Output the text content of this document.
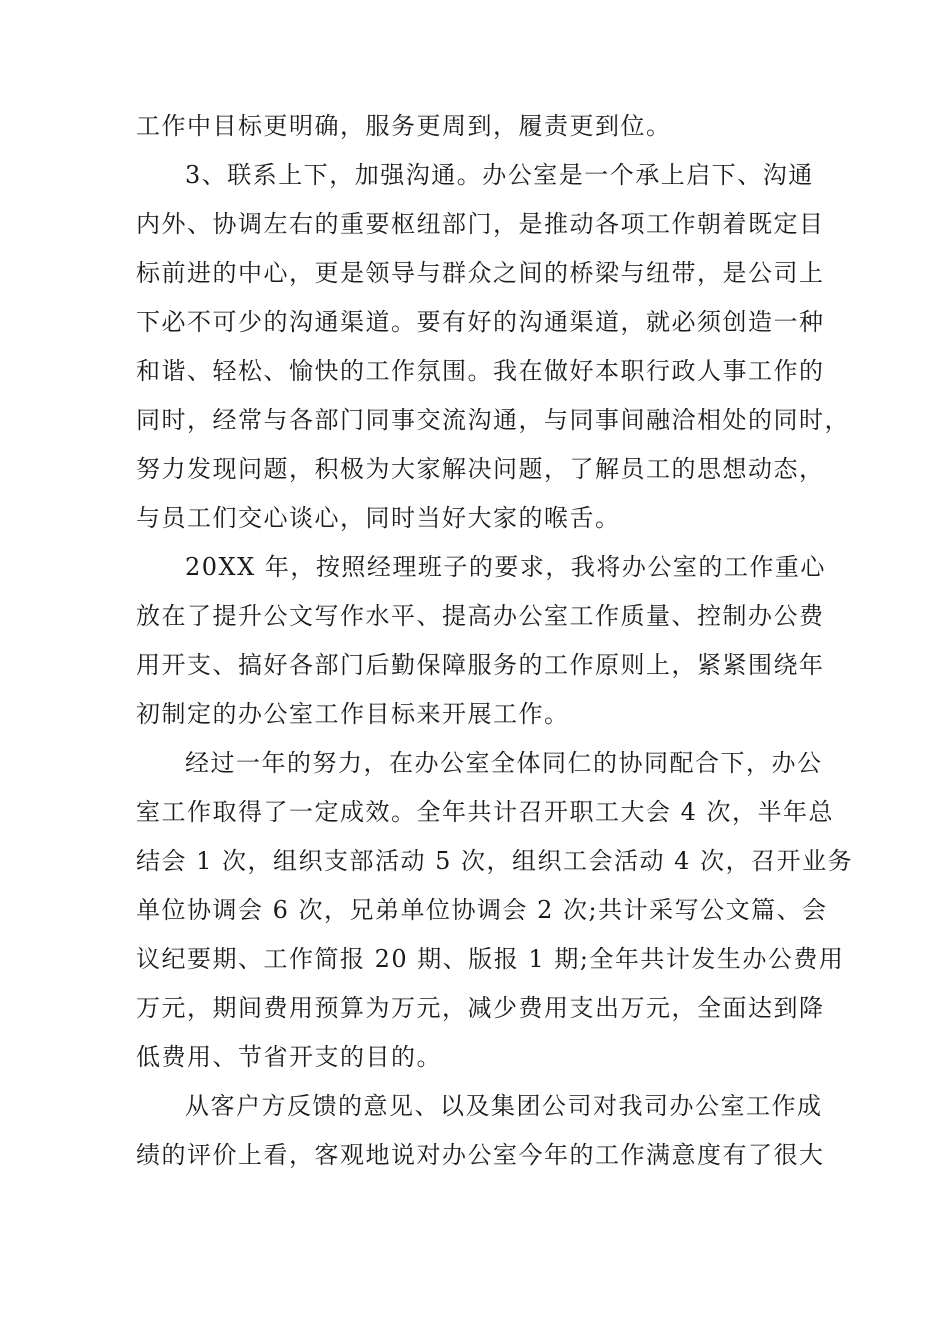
工作中目标更明确，服务更周到，履责更到位。
3、联系上下，加强沟通。办公室是一个承上启下、沟通
内外、协调左右的重要枢纽部门，是推动各项工作朝着既定目
标前进的中心，更是领导与群众之间的桥梁与纽带，是公司上
下必不可少的沟通渠道。要有好的沟通渠道，就必须创造一种
和谐、轻松、愉快的工作氛围。我在做好本职行政人事工作的
同时，经常与各部门同事交流沟通，与同事间融洽相处的同时，
努力发现问题，积极为大家解决问题，了解员工的思想动态，
与员工们交心谈心，同时当好大家的喉舌。
20XX 年，按照经理班子的要求，我将办公室的工作重心
放在了提升公文写作水平、提高办公室工作质量、控制办公费
用开支、搞好各部门后勤保障服务的工作原则上，紧紧围绕年
初制定的办公室工作目标来开展工作。
经过一年的努力，在办公室全体同仁的协同配合下，办公
室工作取得了一定成效。全年共计召开职工大会 4 次，半年总
结会 1 次，组织支部活动 5 次，组织工会活动 4 次，召开业务
单位协调会 6 次，兄弟单位协调会 2 次;共计采写公文篇、会
议纪要期、工作简报 20 期、版报 1 期;全年共计发生办公费用
万元，期间费用预算为万元，减少费用支出万元，全面达到降
低费用、节省开支的目的。
从客户方反馈的意见、以及集团公司对我司办公室工作成
绩的评价上看，客观地说对办公室今年的工作满意度有了很大
